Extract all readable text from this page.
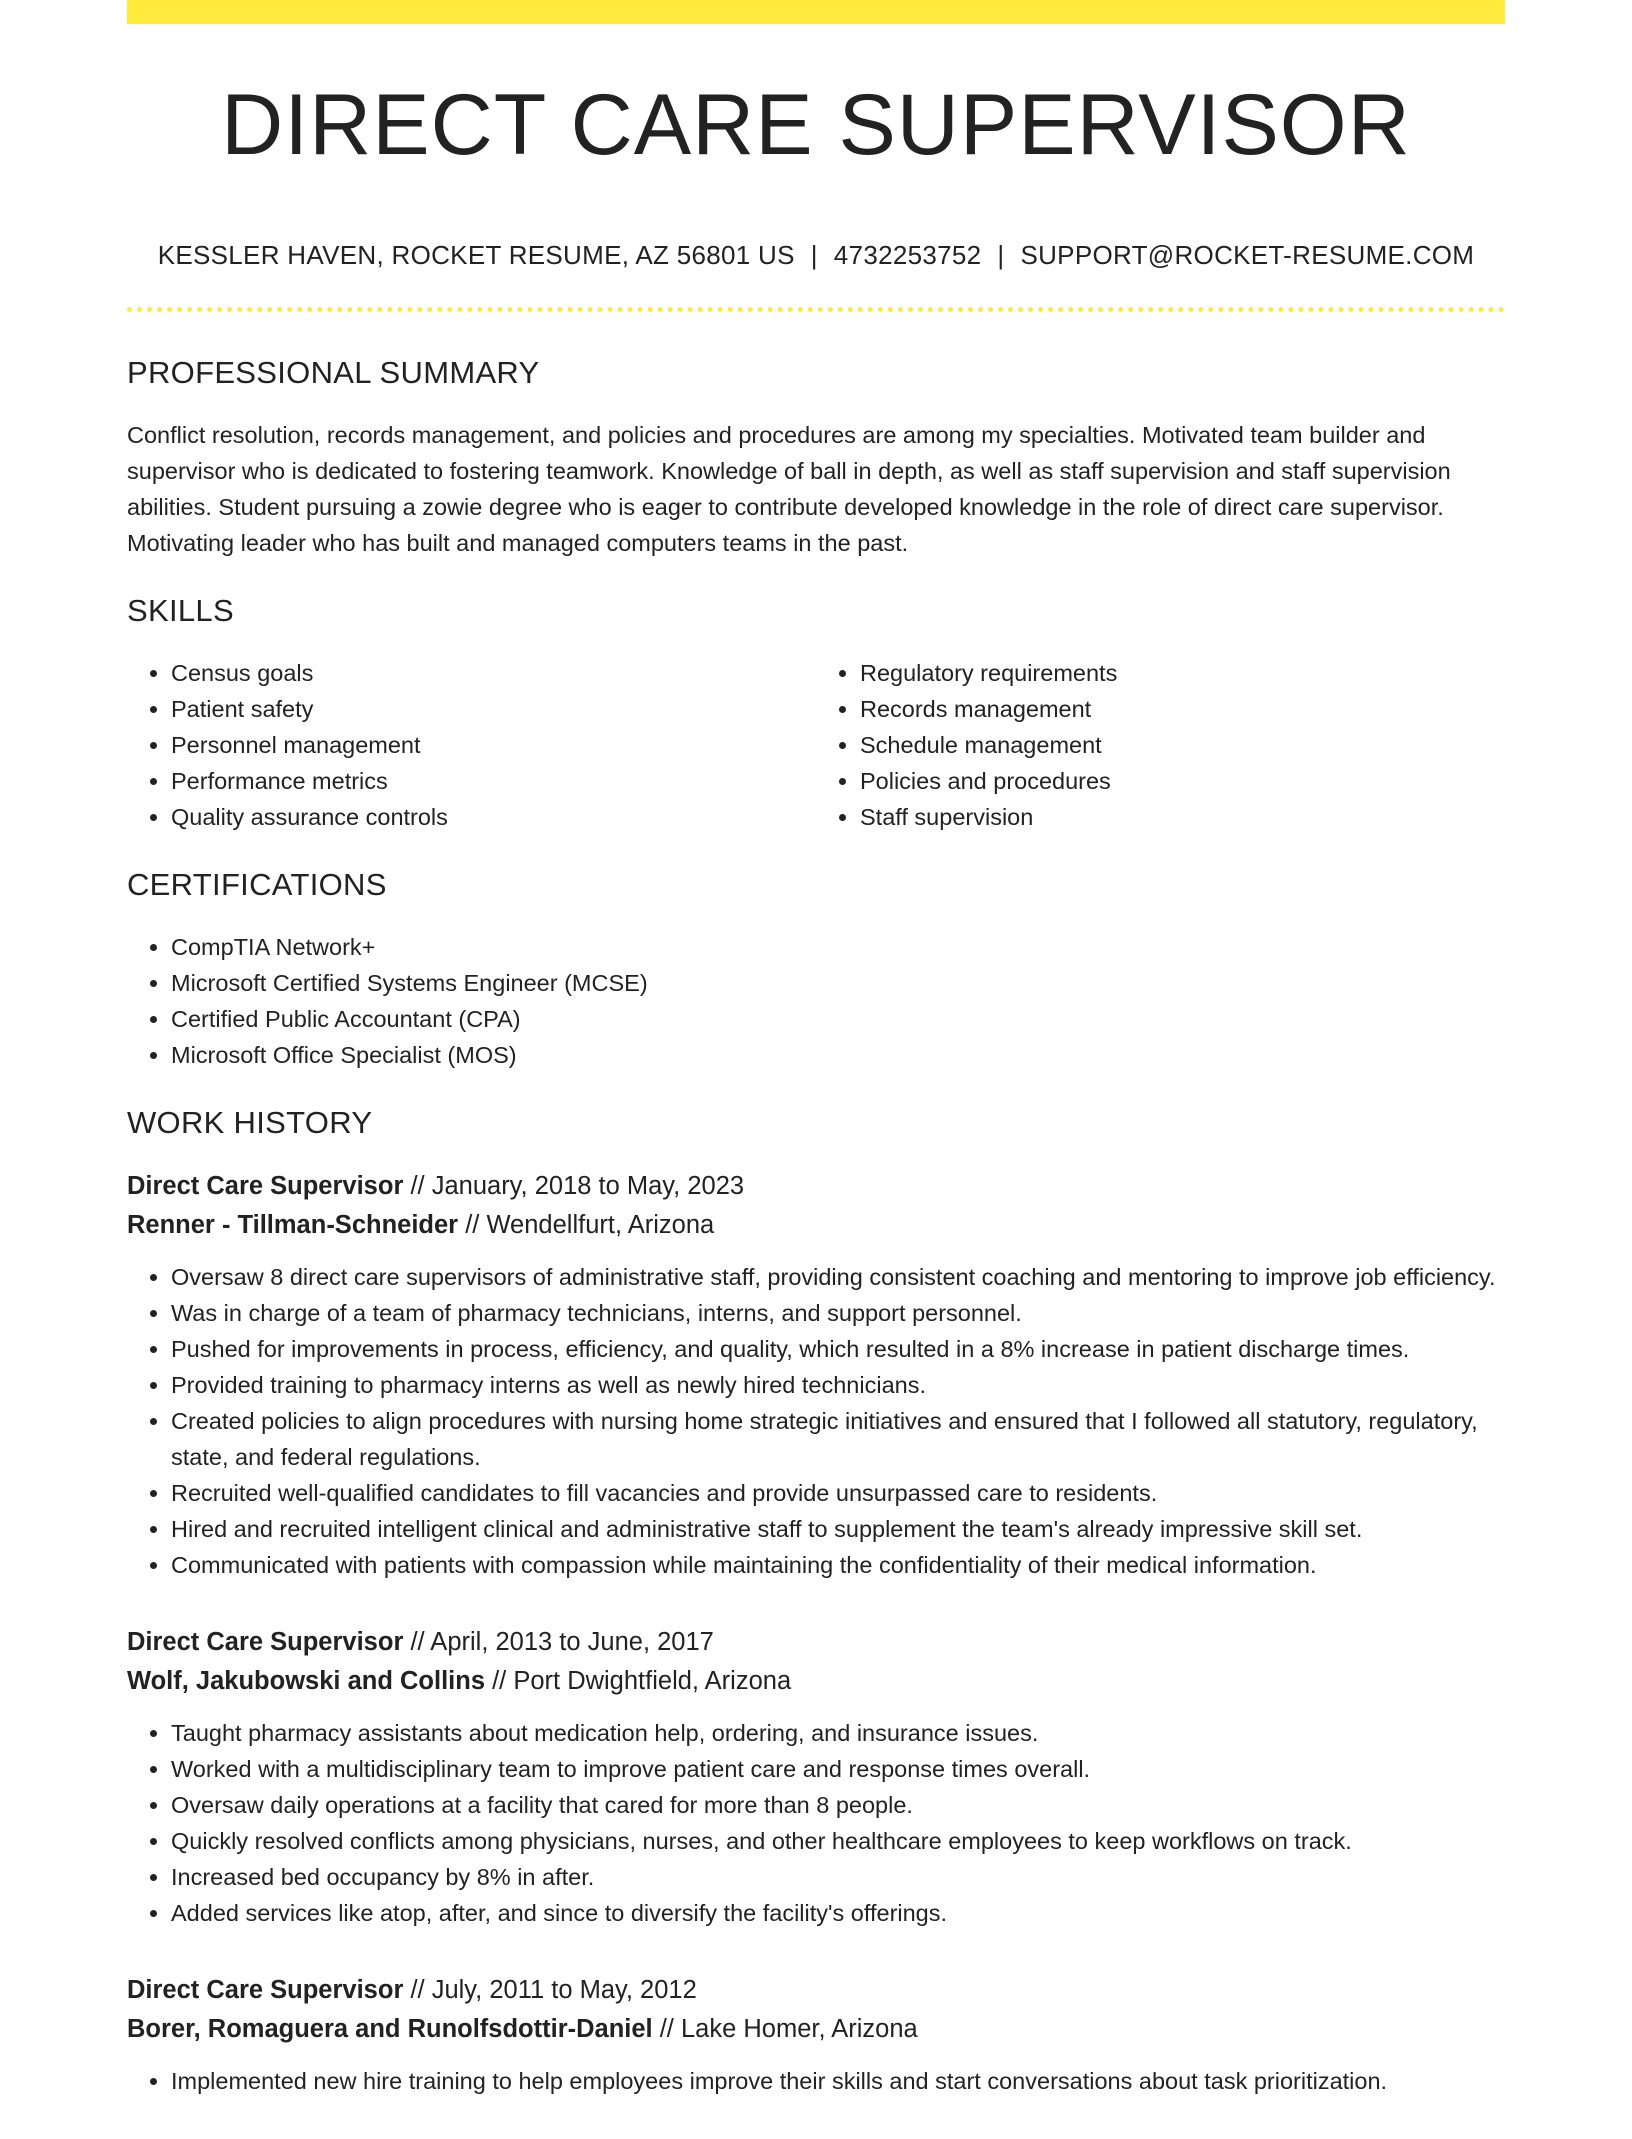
DIRECT CARE SUPERVISOR
KESSLER HAVEN, ROCKET RESUME, AZ 56801 US | 4732253752 | SUPPORT@ROCKET-RESUME.COM
PROFESSIONAL SUMMARY

Conflict resolution, records management, and policies and procedures are among my specialties. Motivated team builder and supervisor who is dedicated to fostering teamwork. Knowledge of ball in depth, as well as staff supervision and staff supervision abilities. Student pursuing a zowie degree who is eager to contribute developed knowledge in the role of direct care supervisor. Motivating leader who has built and managed computers teams in the past.

SKILLS
• Census goals
• Patient safety
• Personnel management
• Performance metrics
• Quality assurance controls
• Regulatory requirements
• Records management
• Schedule management
• Policies and procedures
• Staff supervision
CERTIFICATIONS
• CompTIA Network+
• Microsoft Certified Systems Engineer (MCSE)
• Certified Public Accountant (CPA)
• Microsoft Office Specialist (MOS)
WORK HISTORY
Direct Care Supervisor // January, 2018 to May, 2023
Renner - Tillman-Schneider // Wendellfurt, Arizona
• Oversaw 8 direct care supervisors of administrative staff, providing consistent coaching and mentoring to improve job efficiency.
• Was in charge of a team of pharmacy technicians, interns, and support personnel.
• Pushed for improvements in process, efficiency, and quality, which resulted in a 8% increase in patient discharge times.
• Provided training to pharmacy interns as well as newly hired technicians.
• Created policies to align procedures with nursing home strategic initiatives and ensured that I followed all statutory, regulatory, state, and federal regulations.
• Recruited well-qualified candidates to fill vacancies and provide unsurpassed care to residents.
• Hired and recruited intelligent clinical and administrative staff to supplement the team's already impressive skill set.
• Communicated with patients with compassion while maintaining the confidentiality of their medical information.
Direct Care Supervisor // April, 2013 to June, 2017
Wolf, Jakubowski and Collins // Port Dwightfield, Arizona
• Taught pharmacy assistants about medication help, ordering, and insurance issues.
• Worked with a multidisciplinary team to improve patient care and response times overall.
• Oversaw daily operations at a facility that cared for more than 8 people.
• Quickly resolved conflicts among physicians, nurses, and other healthcare employees to keep workflows on track.
• Increased bed occupancy by 8% in after.
• Added services like atop, after, and since to diversify the facility's offerings.
Direct Care Supervisor // July, 2011 to May, 2012
Borer, Romaguera and Runolfsdottir-Daniel // Lake Homer, Arizona
• Implemented new hire training to help employees improve their skills and start conversations about task prioritization.
